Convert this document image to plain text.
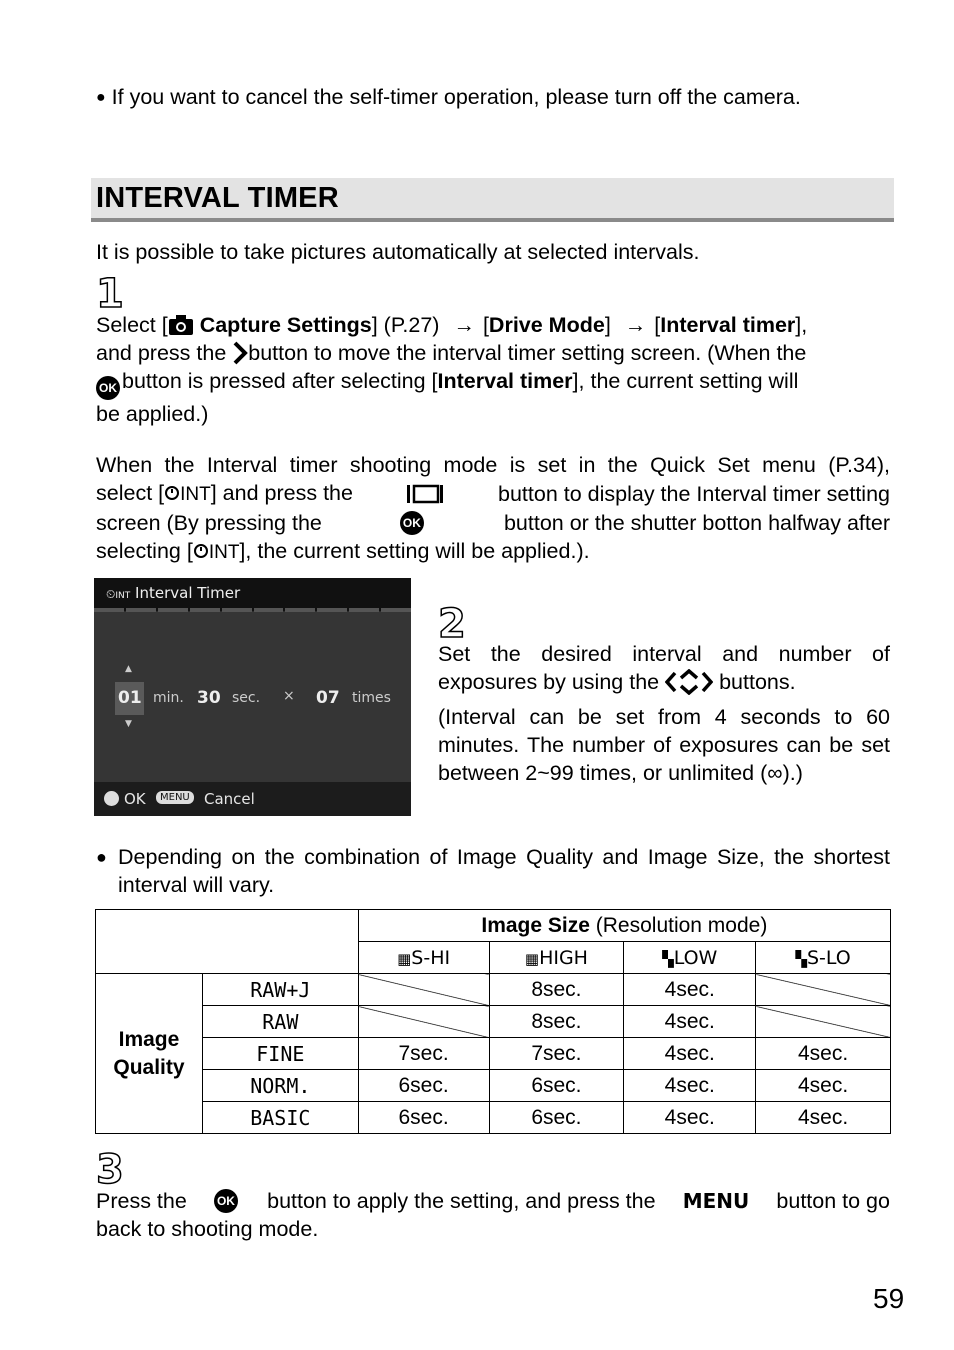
● If you want to cancel the self-timer operation, please turn off the camera.
INTERVAL TIMER
It is possible to take pictures automatically at selected intervals.
1
Select [ Capture Settings] (P.27) → [Drive Mode] → [Interval timer],
and press the button to move the interval timer setting screen. (When the
OK button is pressed after selecting [Interval timer], the current setting will
be applied.)
When the Interval timer shooting mode is set in the Quick Set menu (P.34),
select [ INT] and press the	button to display the Interval timer setting
screen (By pressing the	OK	button or the shutter botton halfway after
selecting [ INT], the current setting will be applied.).
⏲INT Interval Timer
▲
▼
01 min. 30 sec. × 07 times
OK	MENU Cancel
2
Set the desired interval and number of
exposures by using the	buttons.
(Interval can be set from 4 seconds to 60 minutes. The number of exposures can be set between 2~99 times, or unlimited (∞).)
● Depending on the combination of Image Quality and Image Size, the shortest interval will vary.
		Image Size (Resolution mode)			
		▦S-HI	▦HIGH	▚LOW	▚S-LO

Image Quality	RAW+J		8sec.	4sec.	
	RAW		8sec.	4sec.	
	FINE	7sec.	7sec.	4sec.	4sec.
	NORM.	6sec.	6sec.	4sec.	4sec.
	BASIC	6sec.	6sec.	4sec.	4sec.
3
Press the	OK button to apply the setting, and press the MENU button to go
back to shooting mode.
59
